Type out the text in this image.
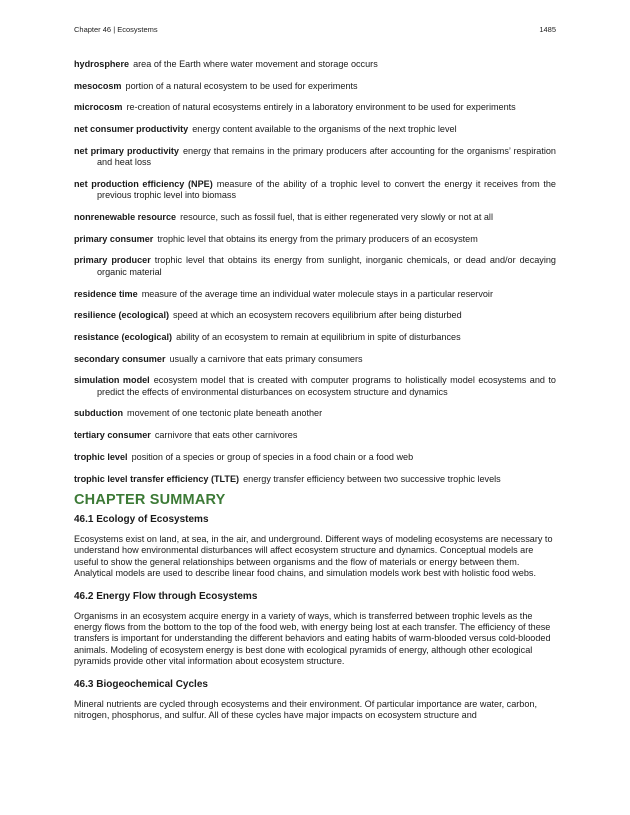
Chapter 46 | Ecosystems	1485

hydrosphere area of the Earth where water movement and storage occurs

mesocosm portion of a natural ecosystem to be used for experiments

microcosm re-creation of natural ecosystems entirely in a laboratory environment to be used for experiments

net consumer productivity energy content available to the organisms of the next trophic level

net primary productivity energy that remains in the primary producers after accounting for the organisms’ respiration and heat loss

net production efficiency (NPE) measure of the ability of a trophic level to convert the energy it receives from the previous trophic level into biomass

nonrenewable resource resource, such as fossil fuel, that is either regenerated very slowly or not at all

primary consumer trophic level that obtains its energy from the primary producers of an ecosystem

primary producer trophic level that obtains its energy from sunlight, inorganic chemicals, or dead and/or decaying organic material

residence time measure of the average time an individual water molecule stays in a particular reservoir

resilience (ecological) speed at which an ecosystem recovers equilibrium after being disturbed

resistance (ecological) ability of an ecosystem to remain at equilibrium in spite of disturbances

secondary consumer usually a carnivore that eats primary consumers

simulation model ecosystem model that is created with computer programs to holistically model ecosystems and to predict the effects of environmental disturbances on ecosystem structure and dynamics

subduction movement of one tectonic plate beneath another

tertiary consumer carnivore that eats other carnivores

trophic level position of a species or group of species in a food chain or a food web

trophic level transfer efficiency (TLTE) energy transfer efficiency between two successive trophic levels

CHAPTER SUMMARY
46.1 Ecology of Ecosystems

Ecosystems exist on land, at sea, in the air, and underground. Different ways of modeling ecosystems are necessary to understand how environmental disturbances will affect ecosystem structure and dynamics. Conceptual models are useful to show the general relationships between organisms and the flow of materials or energy between them. Analytical models are used to describe linear food chains, and simulation models work best with holistic food webs.

46.2 Energy Flow through Ecosystems

Organisms in an ecosystem acquire energy in a variety of ways, which is transferred between trophic levels as the energy flows from the bottom to the top of the food web, with energy being lost at each transfer. The efficiency of these transfers is important for understanding the different behaviors and eating habits of warm-blooded versus cold-blooded animals. Modeling of ecosystem energy is best done with ecological pyramids of energy, although other ecological pyramids provide other vital information about ecosystem structure.

46.3 Biogeochemical Cycles

Mineral nutrients are cycled through ecosystems and their environment. Of particular importance are water, carbon, nitrogen, phosphorus, and sulfur. All of these cycles have major impacts on ecosystem structure and
